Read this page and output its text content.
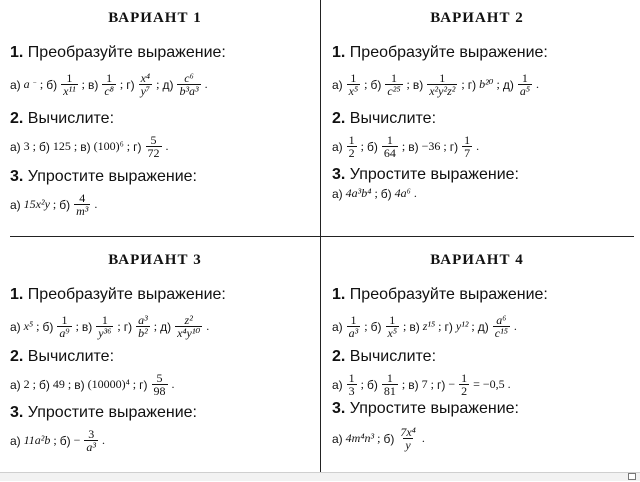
ВАРИАНТ 1
1. Преобразуйте выражение:
а) a ⁻ ; $б) \frac{1}{\text{x¹¹}}$ ; $в) \frac{1}{\text{c⁸}}$ ; $г) \frac{\text{x⁴}}{\text{y⁷}}$ ; $д) \frac{\text{c⁶}}{\text{b³a³}}$ .
2. Вычислите:
а) 3 ; б) 125 ; в) (100)⁶ ; $г) \frac{5}{72}$ .
3. Упростите выражение:
а) 15x²y ; $б) \frac{4}{\text{m³}}$ .
ВАРИАНТ 2
1. Преобразуйте выражение:
$а) \frac{1}{\text{x⁵}}$ ; $б) \frac{1}{\text{c²⁵}}$ ; $в) \frac{1}{\text{x²y²z²}}$ ; г) b²⁰ ; $д) \frac{1}{\text{a⁵}}$ .
2. Вычислите:
$а) \frac{1}{2}$ ; $б) \frac{1}{64}$ ; в) −36 ; $г) \frac{1}{7}$ .
3. Упростите выражение:
а) 4a³b⁴ ; б) 4a⁶ .
ВАРИАНТ 3
1. Преобразуйте выражение:
а) x⁵ ; $б) \frac{1}{\text{a⁹}}$ ; $в) \frac{1}{\text{y³⁶}}$ ; $г) \frac{\text{a³}}{\text{b²}}$ ; $д) \frac{\text{z²}}{\text{x⁴y¹⁰}}$ .
2. Вычислите:
а) 2 ; б) 49 ; в) (10000)⁴ ; $г) \frac{5}{98}$ .
3. Упростите выражение:
а) 11a²b ; $б) - \frac{3}{\text{a³}}$ .
ВАРИАНТ 4
1. Преобразуйте выражение:
$а) \frac{1}{\text{a³}}$ ; $б) \frac{1}{\text{x⁵}}$ ; в) z¹⁵ ; г) y¹² ; $д) \frac{\text{a⁶}}{\text{c¹⁵}}$ .
2. Вычислите:
$а) \frac{1}{3}$ ; $б) \frac{1}{81}$ ; в) 7 ; $г) - \frac{1}{2} = -0,5$ .
3. Упростите выражение:
а) 4m⁴n³ ; $б) \frac{\text{7x⁴}}{y}$ .
